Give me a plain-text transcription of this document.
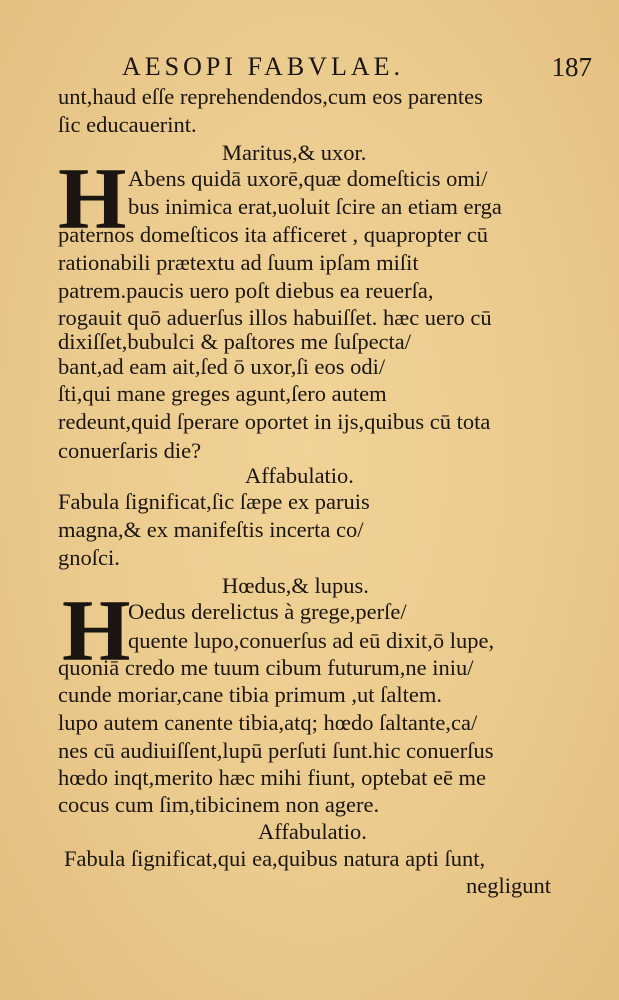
AESOPI FABVLAE.	187
unt,haud eſſe reprehendendos,cum eos parentes
ſic educauerint.
Maritus,& uxor.
H Abens quidā uxorē,quæ domeſticis omi/
bus inimica erat,uoluit ſcire an etiam erga
paternos domeſticos ita afficeret , quapropter cū
rationabili prætextu ad ſuum ipſam miſit
patrem.paucis uero poſt diebus ea reuerſa,
rogauit quō aduerſus illos habuiſſet. hæc uero cū
dixiſſet,bubulci & paſtores me ſuſpecta/
bant,ad eam ait,ſed ō uxor,ſi eos odi/
ſti,qui mane greges agunt,ſero autem
redeunt,quid ſperare oportet in ijs,quibus cū tota
conuerſaris die?
Affabulatio.
Fabula ſignificat,ſic ſæpe ex paruis
magna,& ex manifeſtis incerta co/
gnoſci.
Hœdus,& lupus.
H
Oedus derelictus à grege,perſe/
quente lupo,conuerſus ad eū dixit,ō lupe,
quoniā credo me tuum cibum futurum,ne iniu/
cunde moriar,cane tibia primum ,ut ſaltem.
lupo autem canente tibia,atq; hœdo ſaltante,ca/
nes cū audiuiſſent,lupū perſuti ſunt.hic conuerſus
hœdo inqt,merito hæc mihi fiunt, optebat eē me
cocus cum ſim,tibicinem non agere.
Affabulatio.
Fabula ſignificat,qui ea,quibus natura apti ſunt,
negligunt
